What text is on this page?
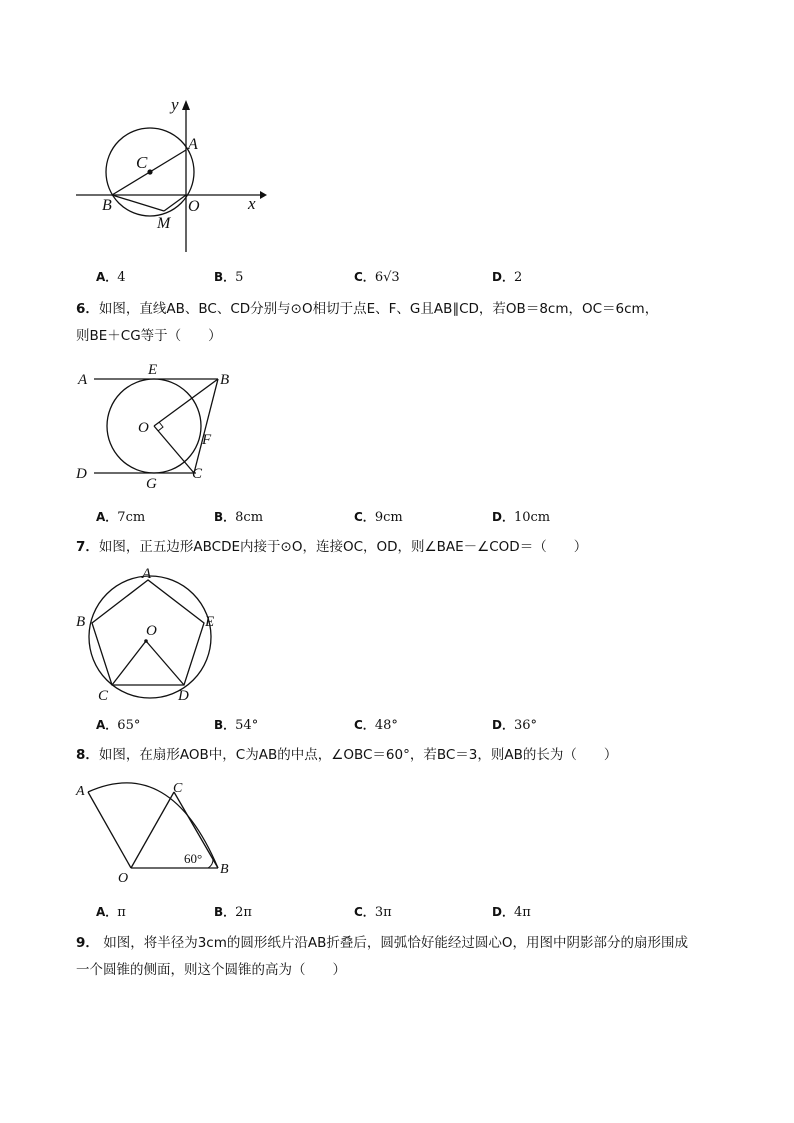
y
x
A
C
B	O
M
A．4	B．5	C．6√3	D．2
6．如图，直线AB、BC、CD分别与⊙O相切于点E、F、G且AB∥CD，若OB＝8cm，OC＝6cm，
则BE＋CG等于（　　）
A
E
B
O
F
D
G
C
A．7cm	B．8cm	C．9cm	D．10cm
7．如图，正五边形ABCDE内接于⊙O，连接OC，OD，则∠BAE－∠COD＝（　　）
A
B	E
O
C	D
A．65°	B．54°	C．48°	D．36°
8．如图，在扇形AOB中，C为AB的中点，∠OBC＝60°，若BC＝3，则AB的长为（　　）
A	C
60°
B
O
A．π	B．2π	C．3π	D．4π
9． 如图，将半径为3cm的圆形纸片沿AB折叠后，圆弧恰好能经过圆心O，用图中阴影部分的扇形围成
一个圆锥的侧面，则这个圆锥的高为（　　）
